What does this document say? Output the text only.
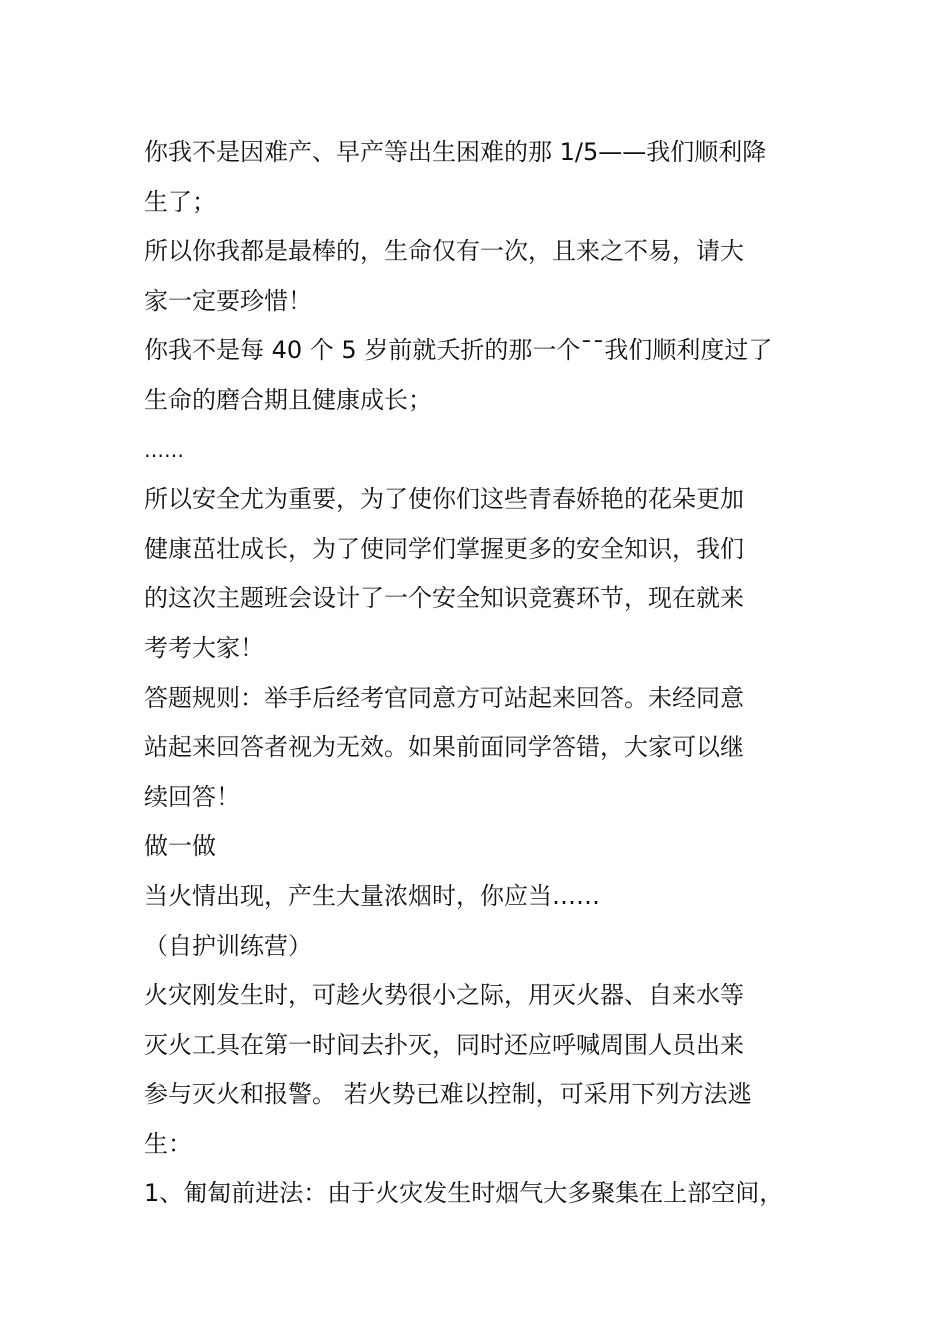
你我不是因难产、早产等出生困难的那 1/5——我们顺利降
生了；
所以你我都是最棒的，生命仅有一次，且来之不易，请大
家一定要珍惜！
你我不是每 40 个 5 岁前就夭折的那一个¯¯我们顺利度过了
生命的磨合期且健康成长；
……
所以安全尤为重要，为了使你们这些青春娇艳的花朵更加
健康茁壮成长，为了使同学们掌握更多的安全知识，我们
的这次主题班会设计了一个安全知识竞赛环节，现在就来
考考大家！
答题规则：举手后经考官同意方可站起来回答。未经同意
站起来回答者视为无效。如果前面同学答错，大家可以继
续回答！
做一做
当火情出现，产生大量浓烟时，你应当……
（自护训练营）
火灾刚发生时，可趁火势很小之际，用灭火器、自来水等
灭火工具在第一时间去扑灭，同时还应呼喊周围人员出来
参与灭火和报警。 若火势已难以控制，可采用下列方法逃
生：
1、匍匐前进法：由于火灾发生时烟气大多聚集在上部空间，
